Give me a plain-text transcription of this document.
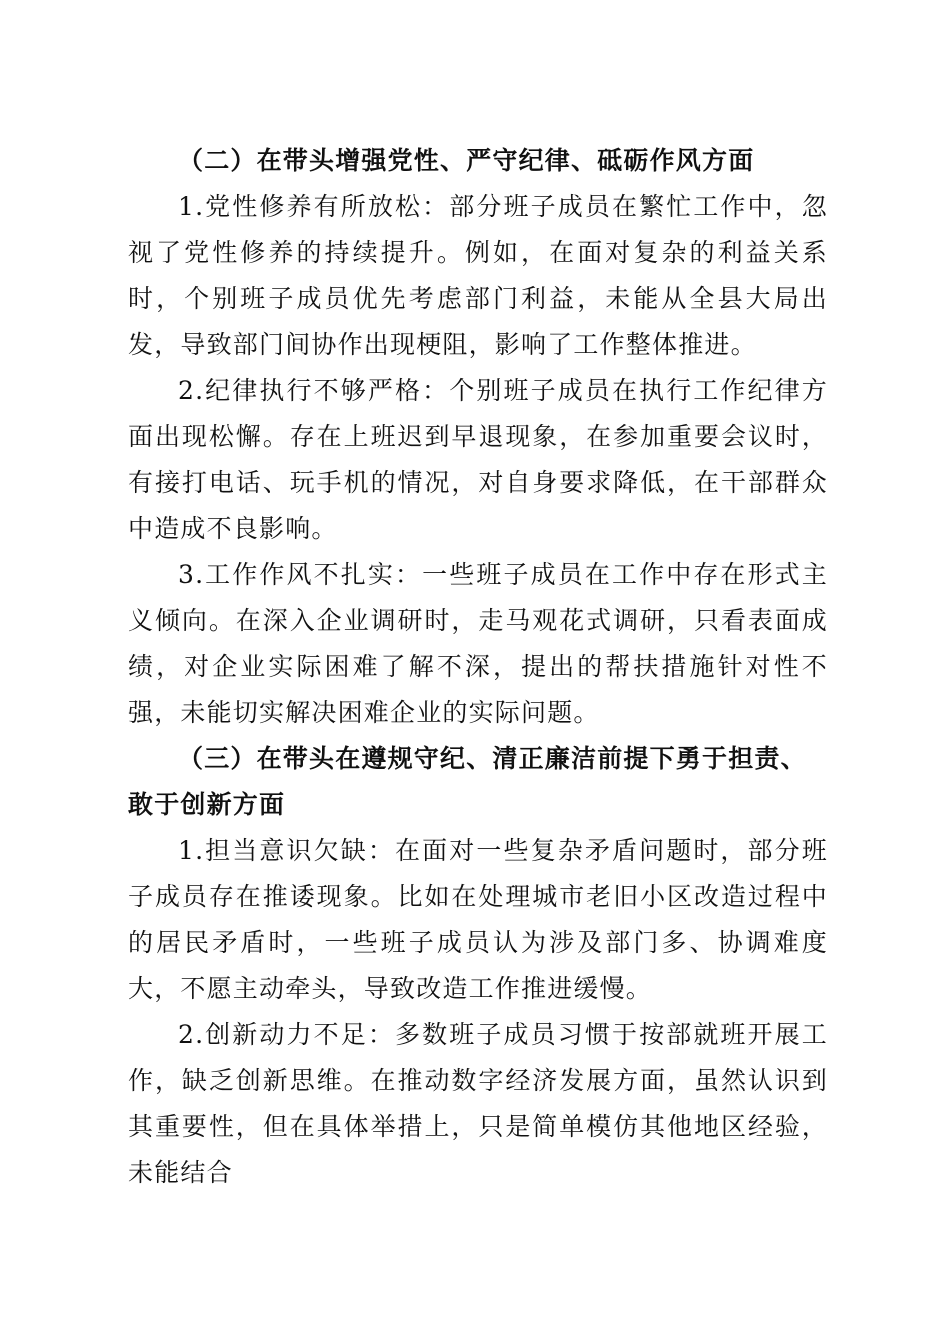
（二）在带头增强党性、严守纪律、砥砺作风方面

1.党性修养有所放松：部分班子成员在繁忙工作中，忽视了党性修养的持续提升。例如，在面对复杂的利益关系时，个别班子成员优先考虑部门利益，未能从全县大局出发，导致部门间协作出现梗阻，影响了工作整体推进。

2.纪律执行不够严格：个别班子成员在执行工作纪律方面出现松懈。存在上班迟到早退现象，在参加重要会议时，有接打电话、玩手机的情况，对自身要求降低，在干部群众中造成不良影响。

3.工作作风不扎实：一些班子成员在工作中存在形式主义倾向。在深入企业调研时，走马观花式调研，只看表面成绩，对企业实际困难了解不深，提出的帮扶措施针对性不强，未能切实解决困难企业的实际问题。

（三）在带头在遵规守纪、清正廉洁前提下勇于担责、敢于创新方面

1.担当意识欠缺：在面对一些复杂矛盾问题时，部分班子成员存在推诿现象。比如在处理城市老旧小区改造过程中的居民矛盾时，一些班子成员认为涉及部门多、协调难度大，不愿主动牵头，导致改造工作推进缓慢。

2.创新动力不足：多数班子成员习惯于按部就班开展工作，缺乏创新思维。在推动数字经济发展方面，虽然认识到其重要性，但在具体举措上，只是简单模仿其他地区经验，未能结合
